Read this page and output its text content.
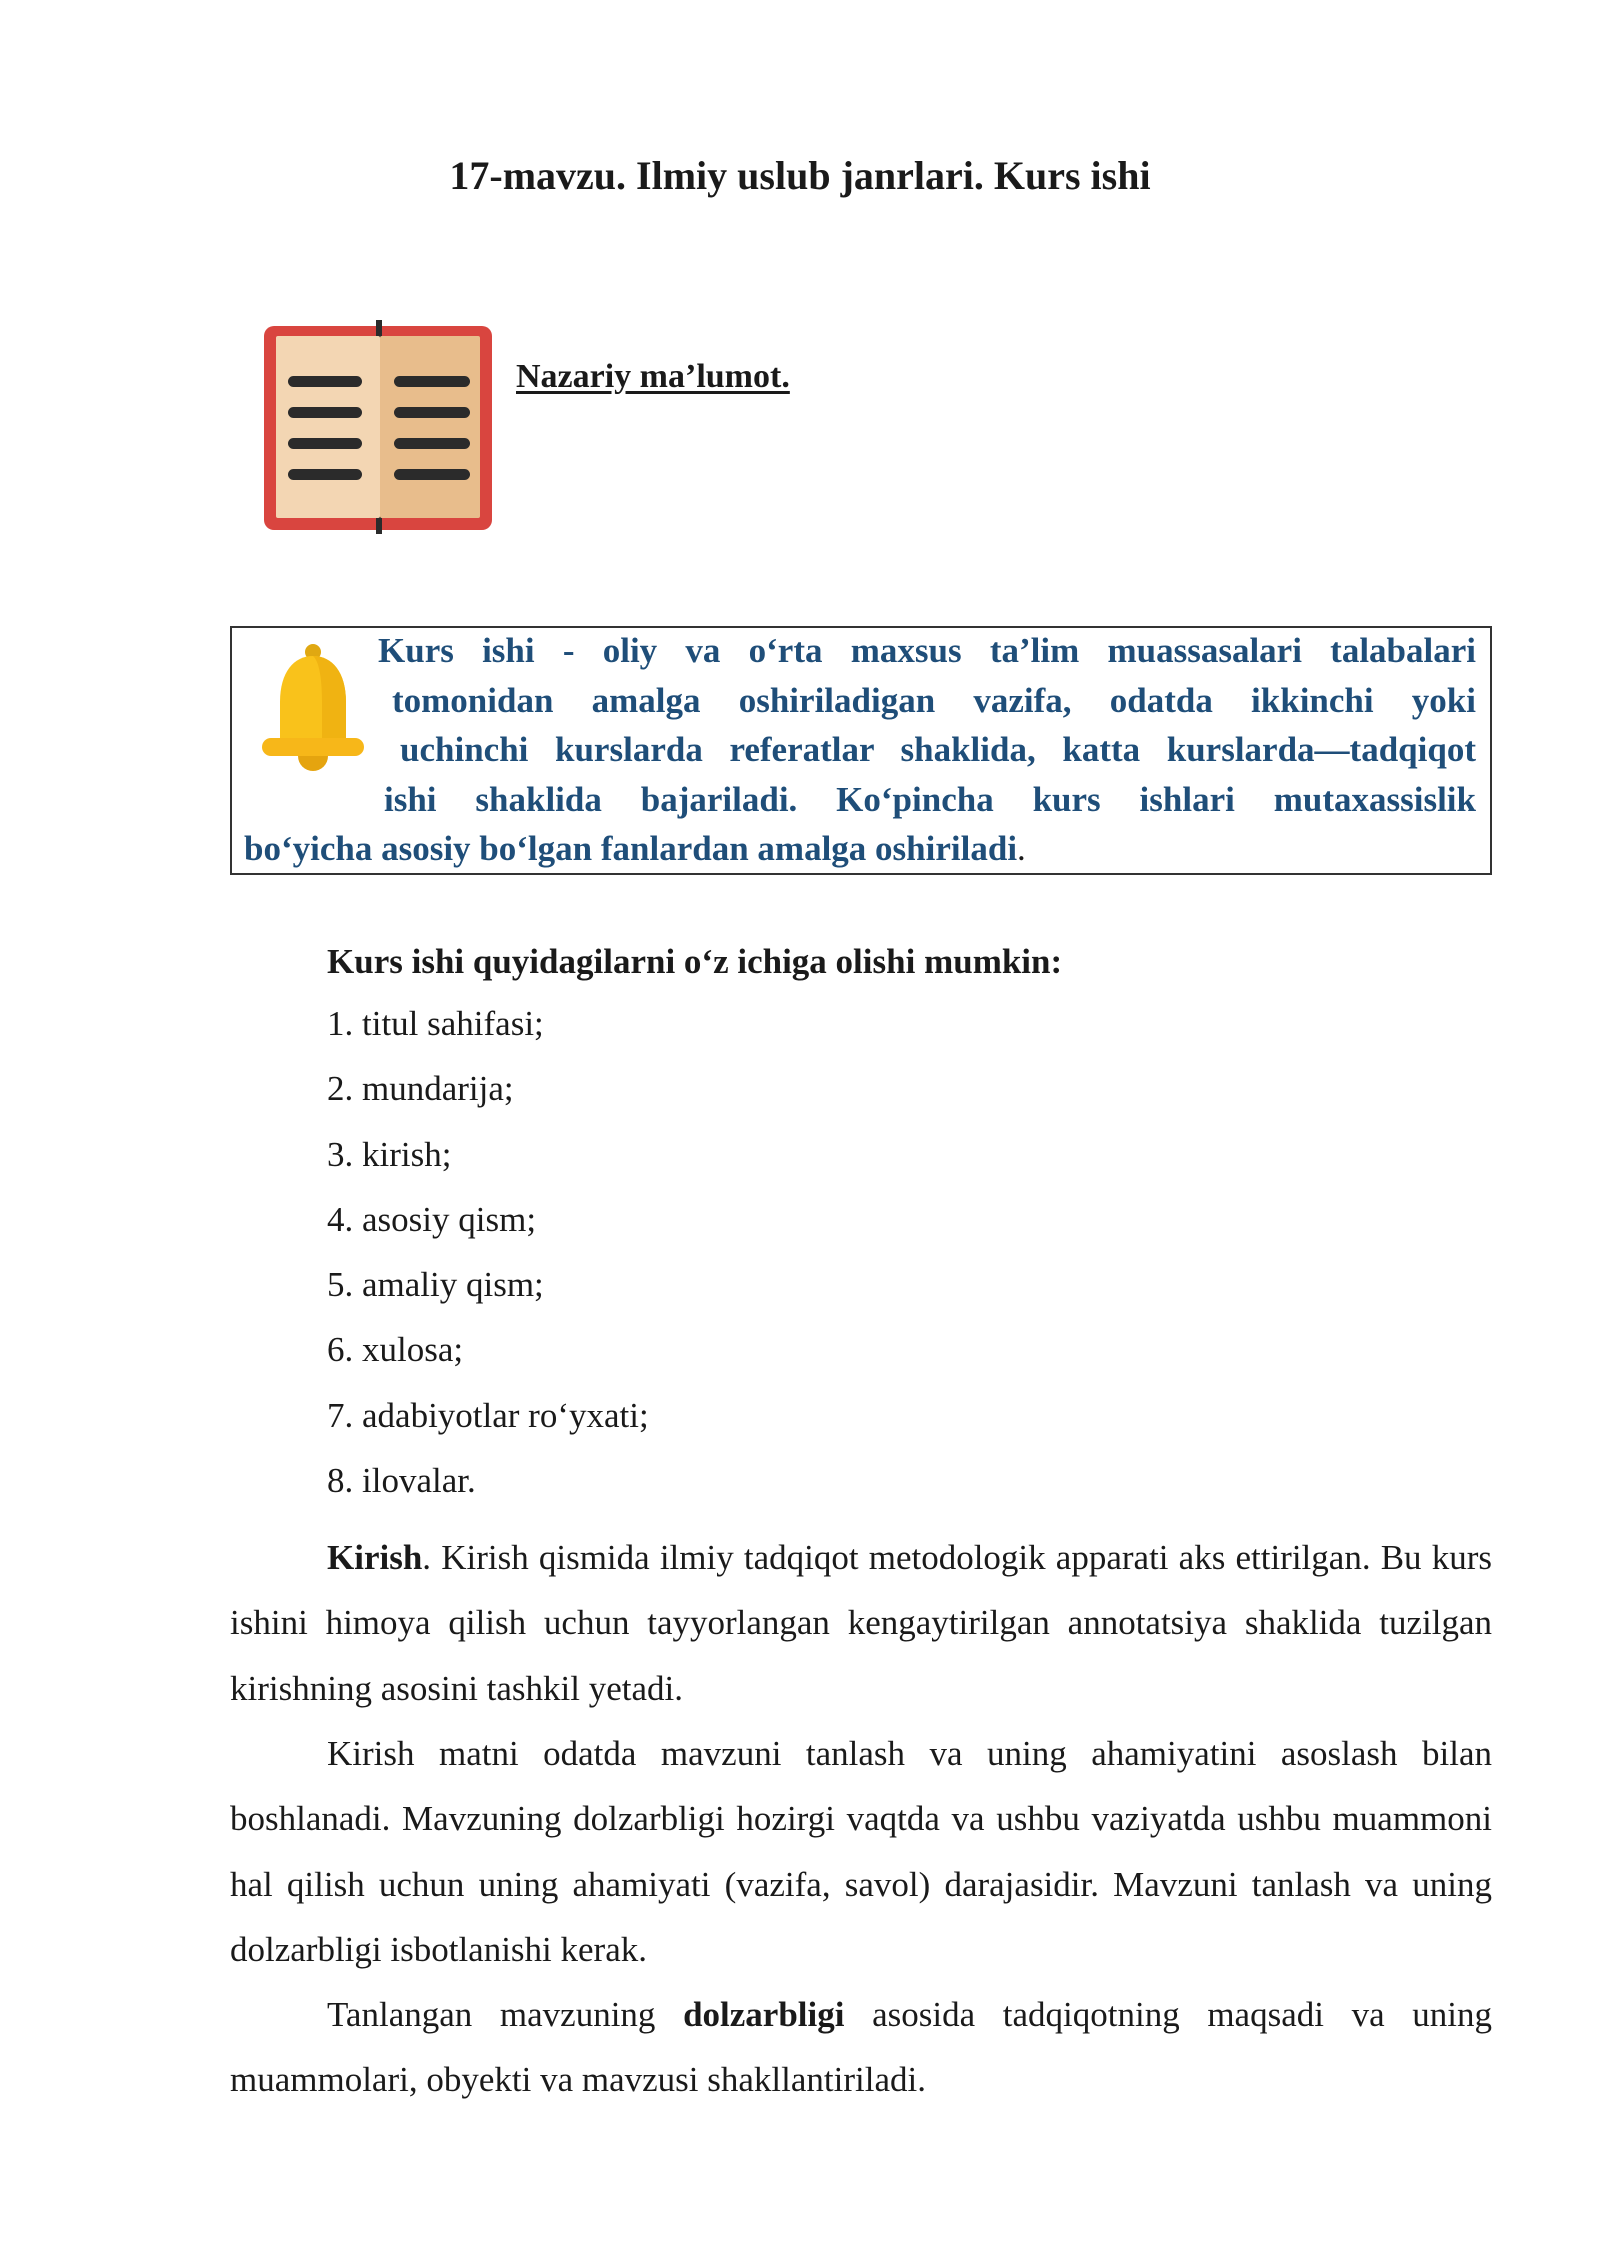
17-mavzu. Ilmiy uslub janrlari. Kurs ishi
Nazariy ma’lumot.

Kurs ishi - oliy va o‘rta maxsus ta’lim muassasalari talabalari
tomonidan amalga oshiriladigan vazifa, odatda ikkinchi yoki
uchinchi kurslarda referatlar shaklida, katta kurslarda—tadqiqot
ishi shaklida bajariladi. Ko‘pincha kurs ishlari mutaxassislik
bo‘yicha asosiy bo‘lgan fanlardan amalga oshiriladi.

Kurs ishi quyidagilarni o‘z ichiga olishi mumkin:
1. titul sahifasi;
2. mundarija;
3. kirish;
4. asosiy qism;
5. amaliy qism;
6. xulosa;
7. adabiyotlar ro‘yxati;
8. ilovalar.

Kirish. Kirish qismida ilmiy tadqiqot metodologik apparati aks ettirilgan. Bu kurs ishini himoya qilish uchun tayyorlangan kengaytirilgan annotatsiya shaklida tuzilgan kirishning asosini tashkil yetadi.

Kirish matni odatda mavzuni tanlash va uning ahamiyatini asoslash bilan boshlanadi. Mavzuning dolzarbligi hozirgi vaqtda va ushbu vaziyatda ushbu muammoni hal qilish uchun uning ahamiyati (vazifa, savol) darajasidir. Mavzuni tanlash va uning dolzarbligi isbotlanishi kerak.

Tanlangan mavzuning dolzarbligi asosida tadqiqotning maqsadi va uning muammolari, obyekti va mavzusi shakllantiriladi.
